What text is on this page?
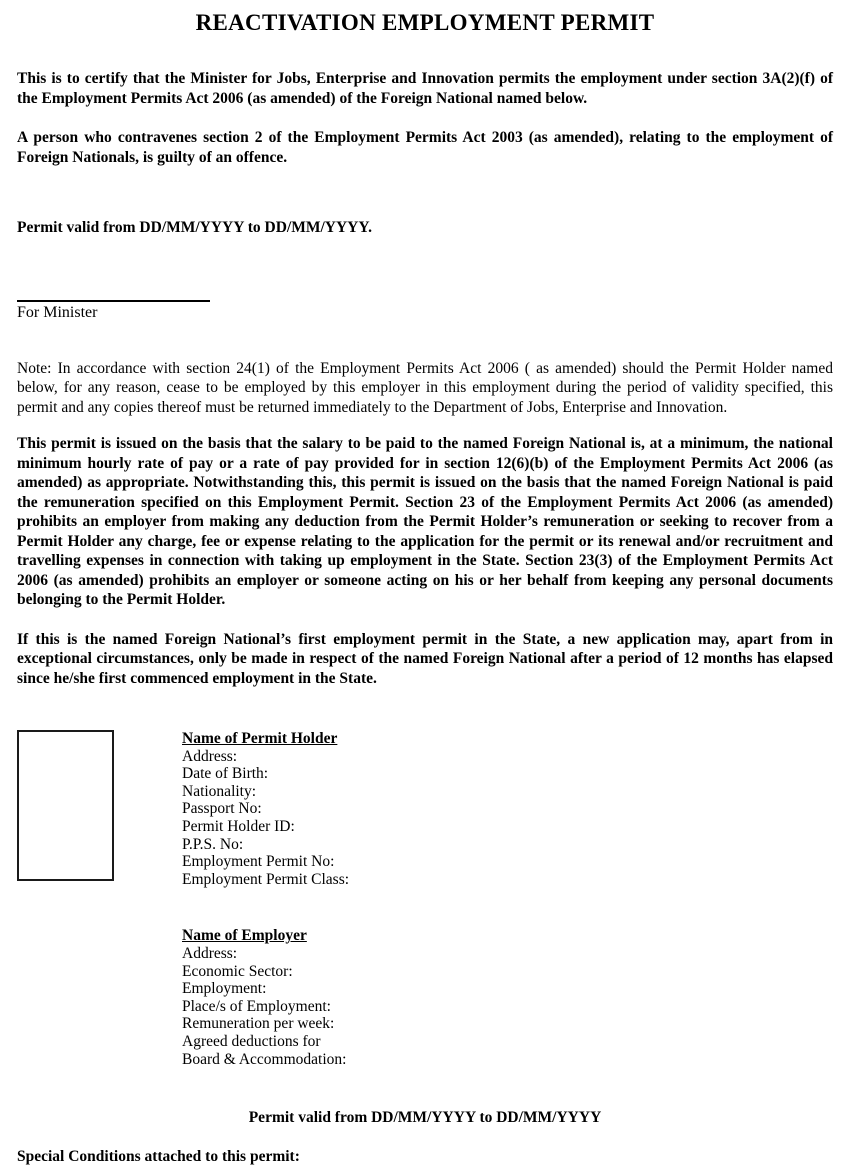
REACTIVATION EMPLOYMENT PERMIT

This is to certify that the Minister for Jobs, Enterprise and Innovation permits the employment under section 3A(2)(f) of the Employment Permits Act 2006 (as amended) of the Foreign National named below.

A person who contravenes section 2 of the Employment Permits Act 2003 (as amended), relating to the employment of Foreign Nationals, is guilty of an offence.

Permit valid from DD/MM/YYYY to DD/MM/YYYY.

For Minister

Note: In accordance with section 24(1) of the Employment Permits Act 2006 ( as amended) should the Permit Holder named below, for any reason, cease to be employed by this employer in this employment during the period of validity specified, this permit and any copies thereof must be returned immediately to the Department of Jobs, Enterprise and Innovation.

This permit is issued on the basis that the salary to be paid to the named Foreign National is, at a minimum, the national minimum hourly rate of pay or a rate of pay provided for in section 12(6)(b) of the Employment Permits Act 2006 (as amended) as appropriate. Notwithstanding this, this permit is issued on the basis that the named Foreign National is paid the remuneration specified on this Employment Permit. Section 23 of the Employment Permits Act 2006 (as amended) prohibits an employer from making any deduction from the Permit Holder’s remuneration or seeking to recover from a Permit Holder any charge, fee or expense relating to the application for the permit or its renewal and/or recruitment and travelling expenses in connection with taking up employment in the State. Section 23(3) of the Employment Permits Act 2006 (as amended) prohibits an employer or someone acting on his or her behalf from keeping any personal documents belonging to the Permit Holder.

If this is the named Foreign National’s first employment permit in the State, a new application may, apart from in exceptional circumstances, only be made in respect of the named Foreign National after a period of 12 months has elapsed since he/she first commenced employment in the State.

Name of Permit Holder
Address:
Date of Birth:
Nationality:
Passport No:
Permit Holder ID:
P.P.S. No:
Employment Permit No:
Employment Permit Class:
Name of Employer
Address:
Economic Sector:
Employment:
Place/s of Employment:
Remuneration per week:
Agreed deductions for
Board & Accommodation:
Permit valid from DD/MM/YYYY to DD/MM/YYYY
Special Conditions attached to this permit:
